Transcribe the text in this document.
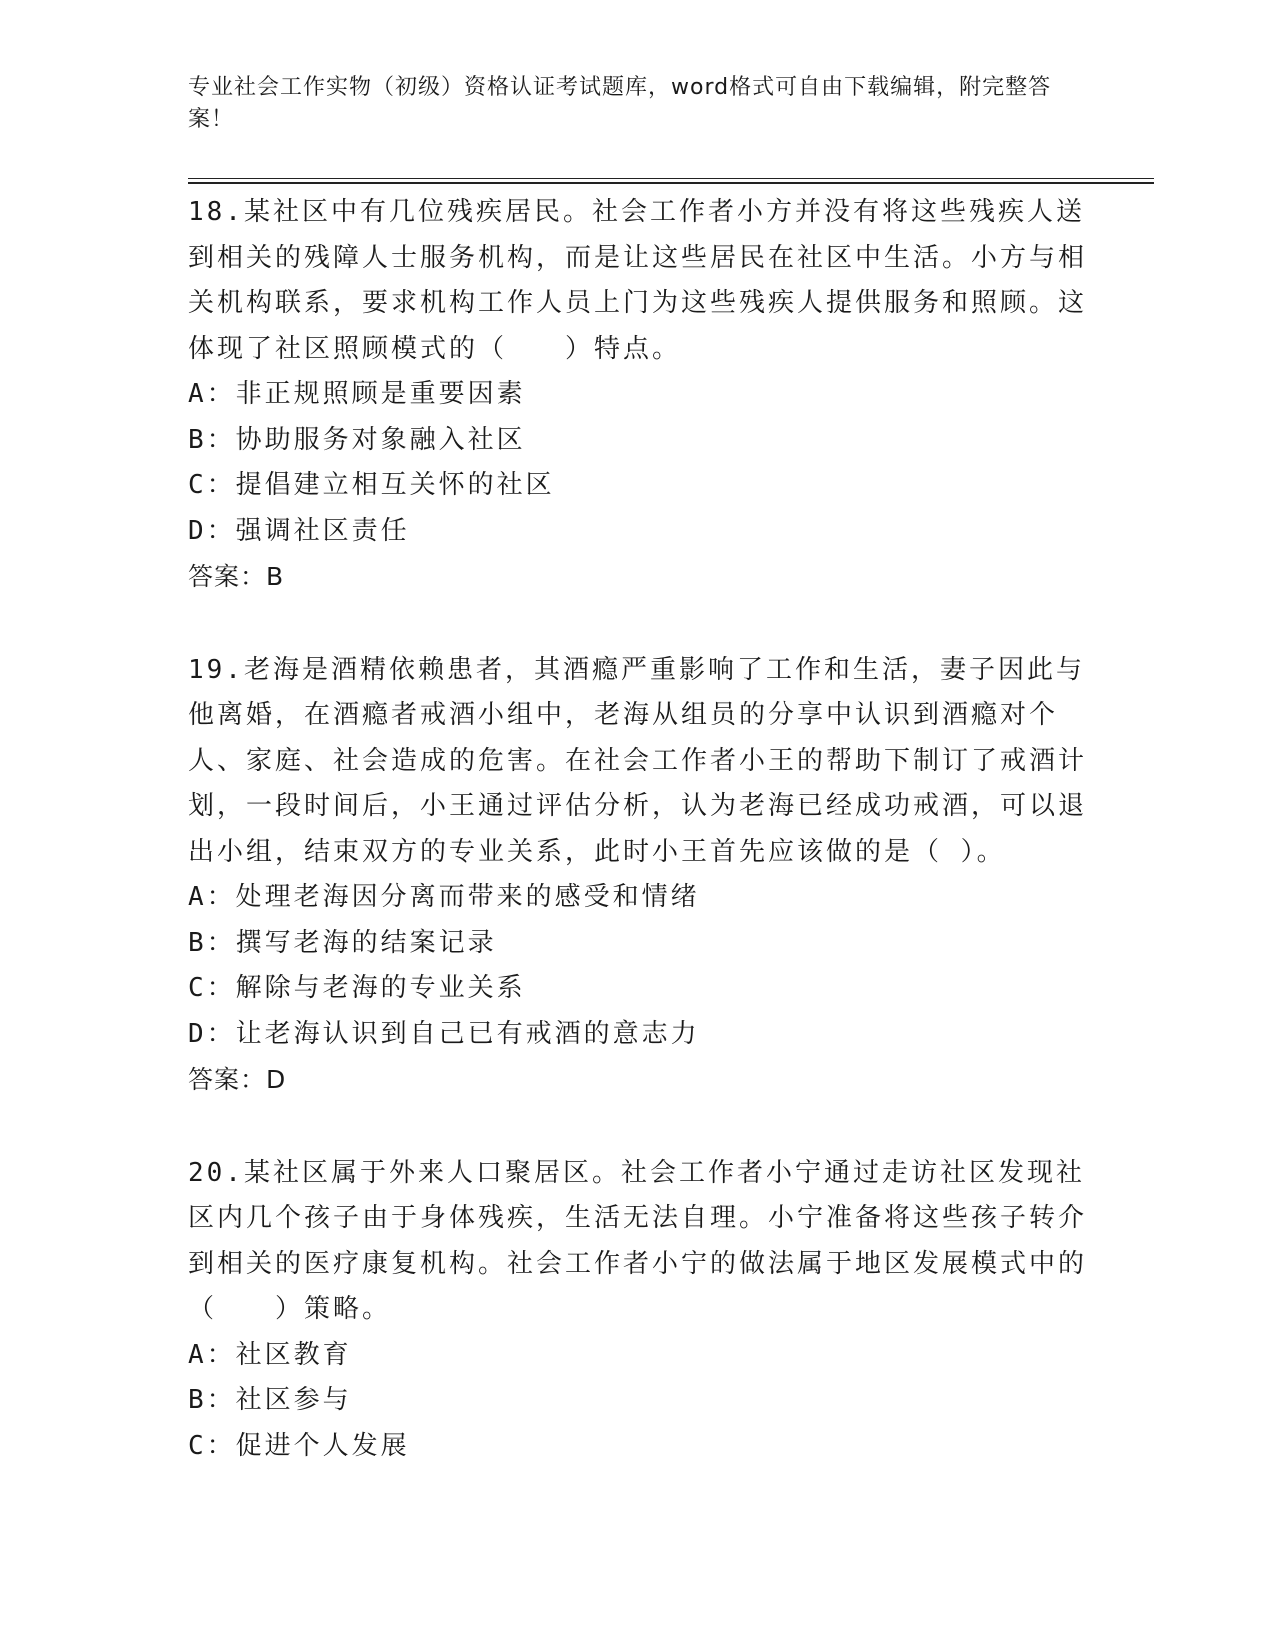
专业社会工作实物（初级）资格认证考试题库，word格式可自由下载编辑，附完整答案！

18.某社区中有几位残疾居民。社会工作者小方并没有将这些残疾人送到相关的残障人士服务机构，而是让这些居民在社区中生活。小方与相关机构联系，要求机构工作人员上门为这些残疾人提供服务和照顾。这体现了社区照顾模式的（　　）特点。

A：非正规照顾是重要因素

B：协助服务对象融入社区

C：提倡建立相互关怀的社区

D：强调社区责任

答案：B

19.老海是酒精依赖患者，其酒瘾严重影响了工作和生活，妻子因此与他离婚，在酒瘾者戒酒小组中，老海从组员的分享中认识到酒瘾对个人、家庭、社会造成的危害。在社会工作者小王的帮助下制订了戒酒计划，一段时间后，小王通过评估分析，认为老海已经成功戒酒，可以退出小组，结束双方的专业关系，此时小王首先应该做的是（ ）。

A：处理老海因分离而带来的感受和情绪

B：撰写老海的结案记录

C：解除与老海的专业关系

D：让老海认识到自己已有戒酒的意志力

答案：D

20.某社区属于外来人口聚居区。社会工作者小宁通过走访社区发现社区内几个孩子由于身体残疾，生活无法自理。小宁准备将这些孩子转介到相关的医疗康复机构。社会工作者小宁的做法属于地区发展模式中的（　　）策略。

A：社区教育

B：社区参与

C：促进个人发展
